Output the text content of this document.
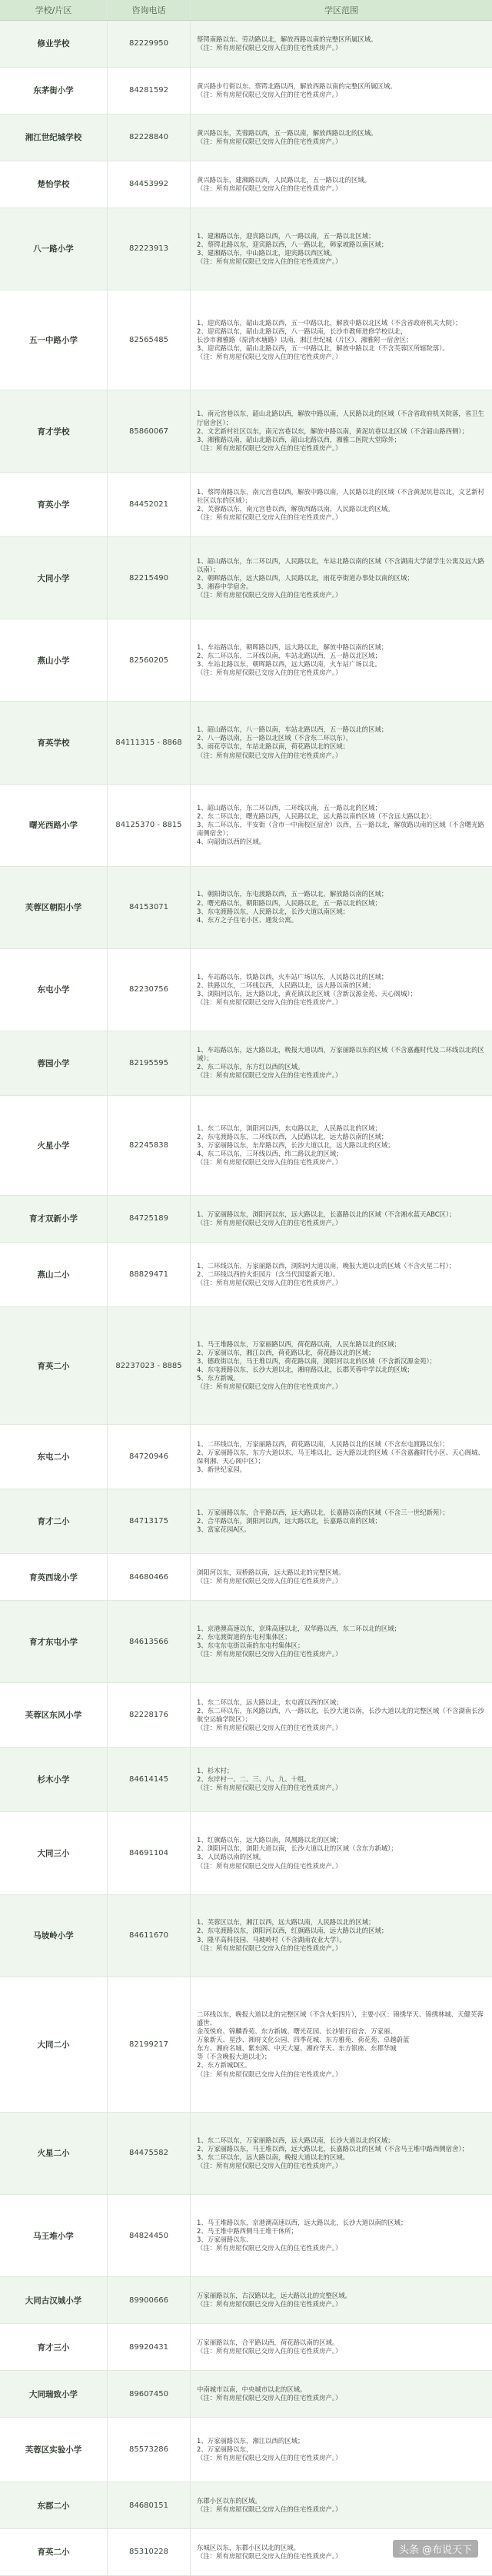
学校/片区	咨询电话	学区范围
修业学校	82229950
蔡锷南路以东、劳动路以北，解放西路以南的完整区所属区域。
（注：所有房屋仅限已交房入住的住宅性质房产。）
东茅街小学	84281592
黄兴路步行街以东、蔡锷北路以西，解放西路以南的完整区所属区域。
（注：所有房屋仅限已交房入住的住宅性质房产。）
湘江世纪城学校	82228840
黄兴路以东，芙蓉路以西，五一路以南，解放西路以北的区域。
（注：所有房屋仅限已交房入住的住宅性质房产。）
楚怡学校	84453992
黄兴路以东，建湘路以西，人民路以北，五一路以北的区域。
（注：所有房屋仅限已交房入住的住宅性质房产。）
八一路小学	82223913
1、建湘路以东，迎宾路以西，八一路以南，五一路以北区域；
2、蔡锷北路以东，迎宾路以西，八一路以北，韩家坡路以南区域；
3、建湘路以东，中山路以北，迎宾路以西区域。
（注：所有房屋仅限已交房入住的住宅性质房产。）
五一中路小学	82565485
1、迎宾路以东，韶山北路以西，五一中路以北，解放中路以北区域（不含省政府机关大院）；
2、迎宾路以东，韶山北路以西，八一路以南，长沙市教师进修学校以北，
长沙市湘雅路（原清水塘路）以南，湘江世纪城（片区）、湘雅附一宿舍区；
3、迎宾路以东，韶山北路以西，五一中路以北，解放中路以北（不含芙蓉区所辖院落）。
（注：所有房屋仅限已交房入住的住宅性质房产。）
育才学校	85860067
1、南元宫巷以东，韶山北路以西，解放中路以南，人民路以北的区域（不含省政府机关院落，省卫生厅宿舍区）；
2、文艺新村社区以东，南元宫巷以东，解放中路以南，黄泥坑巷以北区域（不含韶山路西侧）；
3、湘雅路以南，韶山北路以西，韶山北路以西，湘雅二医院大堂除外；
（注：所有房屋仅限已交房入住的住宅性质房产。）
育英小学	84452021
1、蔡锷南路以东，南元宫巷以西，解放中路以南，人民路以北的区域（不含黄泥坑巷以北，文艺新村社区以东的区域）；
2、芙蓉路以东，南元宫巷以西，解放西路以南，人民路以北的区域。
（注：所有房屋仅限已交房入住的住宅性质房产。）
大同小学	82215490
1、韶山路以东，东二环以西，人民路以北，车站北路以南的区域（不含湖南大学留学生公寓及远大路以南）；
2、朝晖路以东，远大路以西，人民路以北，雨花亭街道办事处以南的区域；
3、湘春中学宿舍。
（注：所有房屋仅限已交房入住的住宅性质房产。）
燕山小学	82560205
1、车站路以东，朝晖路以西，远大路以北，解放中路以南的区域；
2、东二环以东，二环线以南，车站北路以西，五一路以北区域；
3、车站北路以东，朝晖路以西，远大路以南，火车站广场以北。
（注：所有房屋仅限已交房入住的住宅性质房产。）
育英学校	84111315 - 8868
1、韶山路以东，八一路以南，车站北路以西，五一路以北的区域；
2、八一路以南，五一路以北区域（不含东二环以东），
3、雨花亭以东，车站北路以南，荷花路以北的区域；
（注：所有房屋仅限已交房入住的住宅性质房产。）
曙光西路小学	84125370 - 8815
1、韶山路以东，东二环以西，二环线以南，五一路以北的区域；
2、东二环以东，曙光路以西，人民路以北，远大路以南的区域（不含远大路以北）；
3、东二环以东，平安街（含市一中南校区宿舍）以西，五一路以北，解放路以南的区域（不含曙光路南侧宿舍）；
4、向韶街以西的区域。
芙蓉区朝阳小学	84153071
1、朝阳街以东，东屯渡路以西，五一路以北，解放路以南的区域；
2、曙光路以东，朝阳路以西，人民路以北，五一路以北的区域；
3、东屯渡路以东，人民路以北，长沙大道以南区域；
4、东方之子住宅小区、通发公寓。
东屯小学	82230756
1、车站路以东，铁路以西，火车站广场以东，人民路以北的区域；
2、铁路以东，二环线以西，人民路以北，远大路以南的区域；
3、浏阳河以东，远大路以北，黄花镇以北区域（含新汉源金苑、天心阁城）；
（注：所有房屋仅限已交房入住的住宅性质房产。）
蓉园小学	82195595
1、车站路以东，远大路以北，晚报大道以西，万家丽路以东的区域（不含嘉鑫时代及二环线以北的区域）；
2、东二环以东，东方红以西的区域。
（注：所有房屋仅限已交房入住的住宅性质房产。）
火星小学	82245838
1、东二环以东，浏阳河以西，东屯路以北，人民路以北的区域；
2、东屯渡路以东，二环线以西，人民路以北，远大路以南的区域；
3、万家丽路以东，东岸路以西，长沙大道以北，远大路以北的区域；
4、东二环以东，三环线以西，纬二路以北的区域；
（注：所有房屋仅限已交房入住的住宅性质房产。）
育才双新小学	84725189
1、万家丽路以东，浏阳河以东，远大路以北，长嘉路以北的区域（不含湘水蓝天ABC区）；
（注：所有房屋仅限已交房入住的住宅性质房产。）
燕山二小	88829471
1、二环线以东，万家丽路以西，浏阳河大道以南，晚报大道以北的区域（不含火星二村）；
2、二环线以西的火炬园片（含当代国宴新天地）。
（注：所有房屋仅限已交房入住的住宅性质房产。）
育英二小	82237023 - 8885
1、马王堆路以东，万家丽路以西，荷花路以南，人民东路以北的区域；
2、万家丽以东，湘江以西，荷花路以北，荷花路以北的区域；
3、德政街以东，马王堆以西，荷花路以南，浏阳河以北的区域（不含新汉源金苑）；
4、东屯渡路以东，长沙大道以北，湘府路以北，长郡芙蓉中学以北的区域；
5、东方新城。
（注：所有房屋仅限已交房入住的住宅性质房产。）
东屯二小	84720946
1、二环线以东，万家丽路以西，荷花路以南，人民路以北的区域（不含东屯渡路以东）；
2、万家丽路以东，东方大道以东，马王堆以北，远大路以北的区域（不含嘉鑫时代小区、天心阁城、保利湘、天心阁中区）；
3、新世纪家园。
育才二小	84713175
1、万家丽路以东，合平路以西，远大路以北，长嘉路以南的区域（不含三一世纪新苑）；
2、合平路以东，浏阳河以西，远大路以北，长嘉路以南的区域；
3、富家花园A区。
育英西垅小学	84680466
浏阳河以东，双桥路以南，远大路以北的完整区域。
（注：所有房屋仅限已交房入住的住宅性质房产。）
育才东屯小学	84613566
1、京港澳高速以东，京珠高速以北，双华路以西，东二环以北的区域；
2、东屯渡街道的东屯村集体区；
3、东屯东屯街以南的东屯村集体区；
（注：所有房屋仅限已交房入住的住宅性质房产。）
芙蓉区东风小学	82228176
1、东二环以东，远大路以北，东屯渡以西的区域；
2、东二环以东，东风路以西，八一路以北，长沙大道以南，长沙大道以北的完整区域（不含湖南长沙航空运输学院区）；
（注：所有房屋仅限已交房入住的住宅性质房产。）
杉木小学	84614145
1、杉木村；
2、东岸村一、二、三、八、九、十组。
（注：所有房屋仅限已交房入住的住宅性质房产。）
大同三小	84691104
1、红旗路以东，远大路以南，凤凰路以北的区域；
2、浏阳河以东，浏阳大道以南，长沙大道以北的区域（含东方新城）；
3、人民路以南的区域。
（注：所有房屋仅限已交房入住的住宅性质房产。）
马坡岭小学	84611670
1、芙蓉区以东，湘江以西，远大路以南，人民路以北的区域；
2、东屯渡路以东，浏阳河以西，红旗路以南，远大路以北的区域；
3、隆平高科技园、马坡岭村（不含湖南农业大学）。
（注：所有房屋仅限已交房入住的住宅性质房产。）
大同二小	82199217
二环线以东，晚报大道以北的完整区域（不含火炬四片），主要小区：锦绣华天、锦绣林城、天健芙蓉盛世、
金茂悦府、锦麟香苑、东方新城、曙光花园、长沙银行宿舍、万家丽、
万象新天、星沙、湘府文化公园、四季花城、东方雅苑、荷花苑、卓越蔚蓝
东方、湘府名城、紫东阁、中天大厦、湘府华天、东方银座、东郡华城
等（不含晚报大道以北）；
2、东方新城D区。
（注：所有房屋仅限已交房入住的住宅性质房产。）
火星二小	84475582
1、东二环以东，万家丽路以西，远大路以南，长沙大道以北的区域；
2、万家丽路以东，马王堆以西，远大路以北，长嘉路以北的区域（不含马王堆中路西侧宿舍）；
3、东二环以东，远大路以南，晚报大道以北的区域。
（注：所有房屋仅限已交房入住的住宅性质房产。）
马王堆小学	84824450
1、马王堆路以东，京港澳高速以西，远大路以北，长沙大道以南的区域；
2、马王堆中路西侧马王堆干休所；
3、万家丽路以东、
（注：所有房屋仅限已交房入住的住宅性质房产。）
大同古汉城小学	89900666
万家丽路以东，古汉路以北，远大路以北的完整区域。
（注：所有房屋仅限已交房入住的住宅性质房产。）
育才三小	89920431
万家丽路以东，合平路以西，荷花路以南的区域。
（注：所有房屋仅限已交房入住的住宅性质房产。）
大同瑞致小学	89607450
中南城市以南，中央城市以北的区域。
（注：所有房屋仅限已交房入住的住宅性质房产。）
芙蓉区实验小学	85573286
1、万家丽路以东，湘江以西的区域；
2、万家丽路以东，
（注：所有房屋仅限已交房入住的住宅性质房产。）
东郡二小	84680151
东郡小区以东的区域。
（注：所有房屋仅限已交房入住的住宅性质房产。）
育英二小	85310228
东城区以东，东郡小区以北的区域。
（注：所有房屋仅限已交房入住的住宅性质房产。）	头条 @布说天下
